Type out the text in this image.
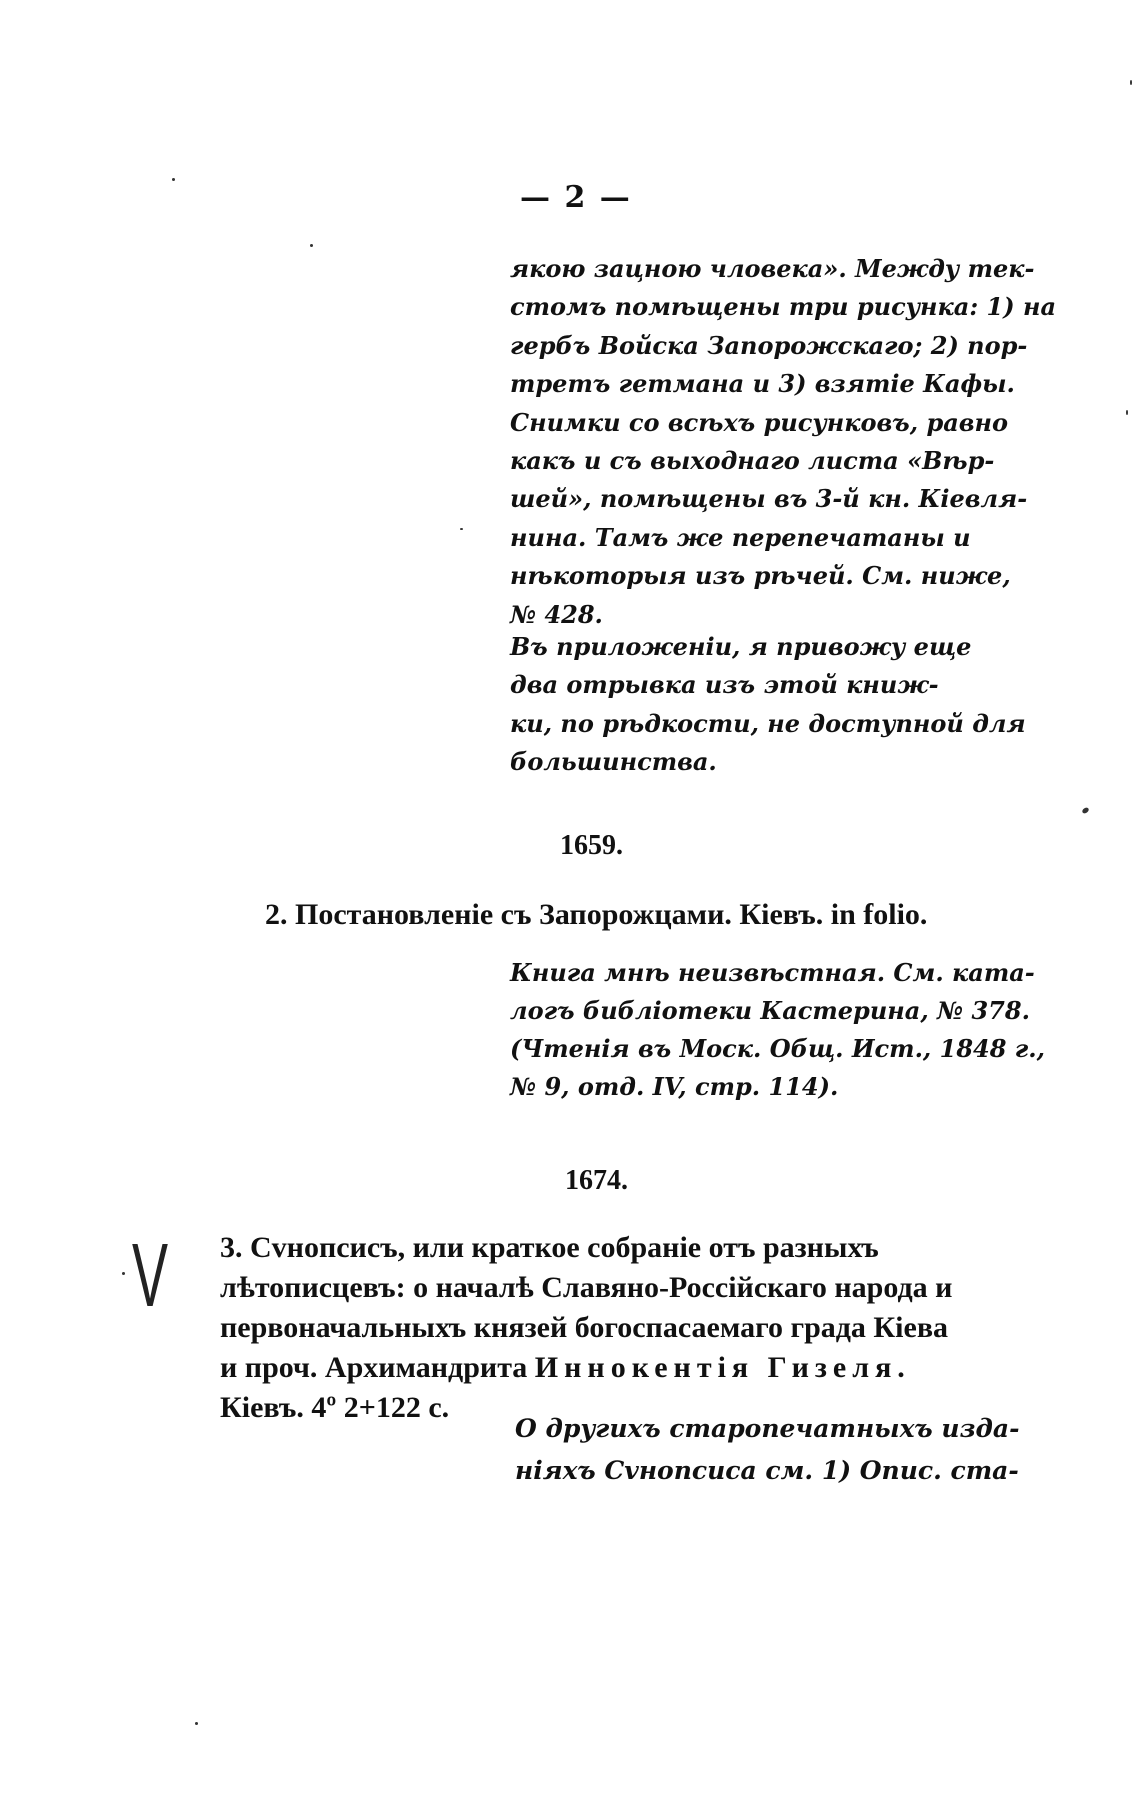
— 2 —
якою зацною чловека». Между тек-
стомъ помѣщены три рисунка: 1) на
гербъ Войска Запорожскаго; 2) пор-
третъ гетмана и 3) взятіе Кафы.
Снимки со всѣхъ рисунковъ, равно
какъ и съ выходнаго листа «Вѣр-
шей», помѣщены въ 3-й кн. Кіевля-
нина. Тамъ же перепечатаны и
нѣкоторыя изъ рѣчей. См. ниже,
№ 428.
Въ приложеніи, я привожу еще
два отрывка изъ этой книж-
ки, по рѣдкости, не доступной для
большинства.
1659.
2. Постановленіе съ Запорожцами. Кіевъ. in folio.
Книга мнѣ неизвѣстная. См. ката-
логъ библіотеки Кастерина, № 378.
(Чтенія въ Моск. Общ. Ист., 1848 г.,
№ 9, отд. IV, стр. 114).
1674.
V 3. Cvнопсисъ, или краткое собраніе отъ разныхъ
лѣтописцевъ: о началѣ Славяно-Россійскаго народа и
первоначальныхъ князей богоспасаемаго града Кіева
и проч. Архимандрита Иннокентія Гизеля.
Кіевъ. 4º 2+122 с.
О другихъ старопечатныхъ изда-
ніяхъ Cvнопсиса см. 1) Опис. ста-
